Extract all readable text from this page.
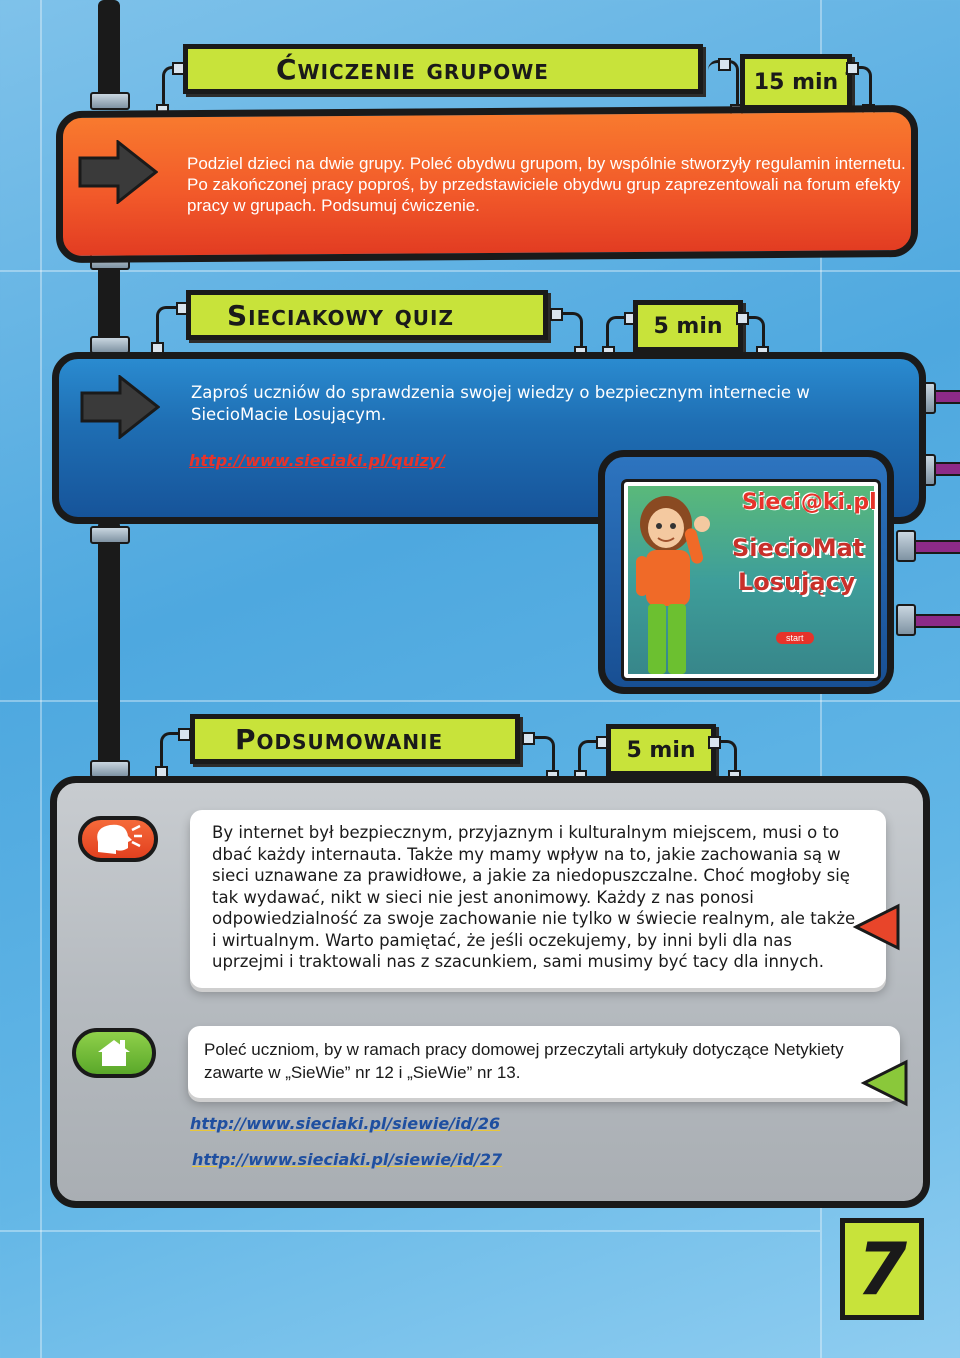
Ćwiczenie grupowe	15 min
Podziel dzieci na dwie grupy. Poleć obydwu grupom, by wspólnie stworzyły regulamin internetu. Po zakończonej pracy poproś, by przedstawiciele obydwu grup zaprezentowali na forum efekty pracy w grupach. Podsumuj ćwiczenie.
Sieciakowy quiz	5 min
Zaproś uczniów do sprawdzenia swojej wiedzy o bezpiecznym internecie w SiecioMacie Losującym.
http://www.sieciaki.pl/quizy/
Sieci@ki.pl
SiecioMat
Losujący
start
Podsumowanie	5 min
By internet był bezpiecznym, przyjaznym i kulturalnym miejscem, musi o to dbać każdy internauta. Także my mamy wpływ na to, jakie zachowania są w sieci uznawane za prawidłowe, a jakie za niedopuszczalne. Choć mogłoby się tak wydawać, nikt w sieci nie jest anonimowy. Każdy z nas ponosi odpowiedzialność za swoje zachowanie nie tylko w świecie realnym, ale także i wirtualnym. Warto pamiętać, że jeśli oczekujemy, by inni byli dla nas uprzejmi i traktowali nas z szacunkiem, sami musimy być tacy dla innych.
Poleć uczniom, by w ramach pracy domowej przeczytali artykuły dotyczące Netykiety zawarte w „SieWie” nr 12 i „SieWie” nr 13.
http://www.sieciaki.pl/siewie/id/26
http://www.sieciaki.pl/siewie/id/27
7
